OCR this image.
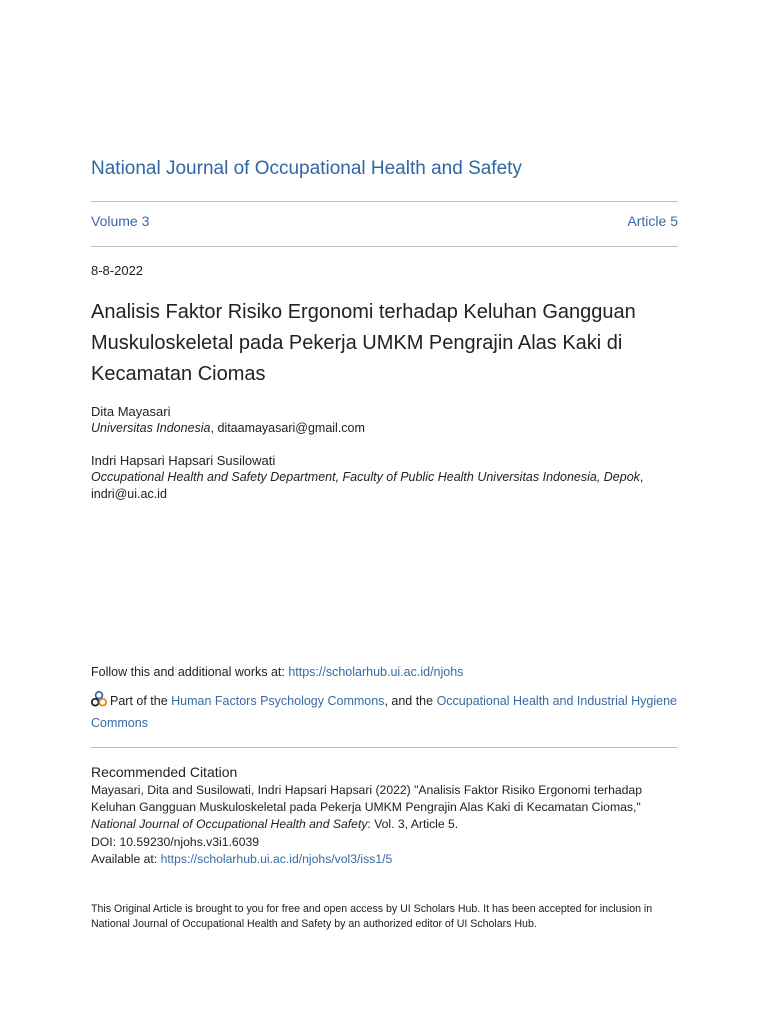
National Journal of Occupational Health and Safety
Volume 3	Article 5
8-8-2022
Analisis Faktor Risiko Ergonomi terhadap Keluhan Gangguan Muskuloskeletal pada Pekerja UMKM Pengrajin Alas Kaki di Kecamatan Ciomas
Dita Mayasari
Universitas Indonesia, ditaamayasari@gmail.com
Indri Hapsari Hapsari Susilowati
Occupational Health and Safety Department, Faculty of Public Health Universitas Indonesia, Depok,
indri@ui.ac.id
Follow this and additional works at: https://scholarhub.ui.ac.id/njohs
Part of the Human Factors Psychology Commons, and the Occupational Health and Industrial Hygiene Commons
Recommended Citation
Mayasari, Dita and Susilowati, Indri Hapsari Hapsari (2022) "Analisis Faktor Risiko Ergonomi terhadap Keluhan Gangguan Muskuloskeletal pada Pekerja UMKM Pengrajin Alas Kaki di Kecamatan Ciomas,"
National Journal of Occupational Health and Safety: Vol. 3, Article 5.
DOI: 10.59230/njohs.v3i1.6039
Available at: https://scholarhub.ui.ac.id/njohs/vol3/iss1/5
This Original Article is brought to you for free and open access by UI Scholars Hub. It has been accepted for inclusion in National Journal of Occupational Health and Safety by an authorized editor of UI Scholars Hub.
